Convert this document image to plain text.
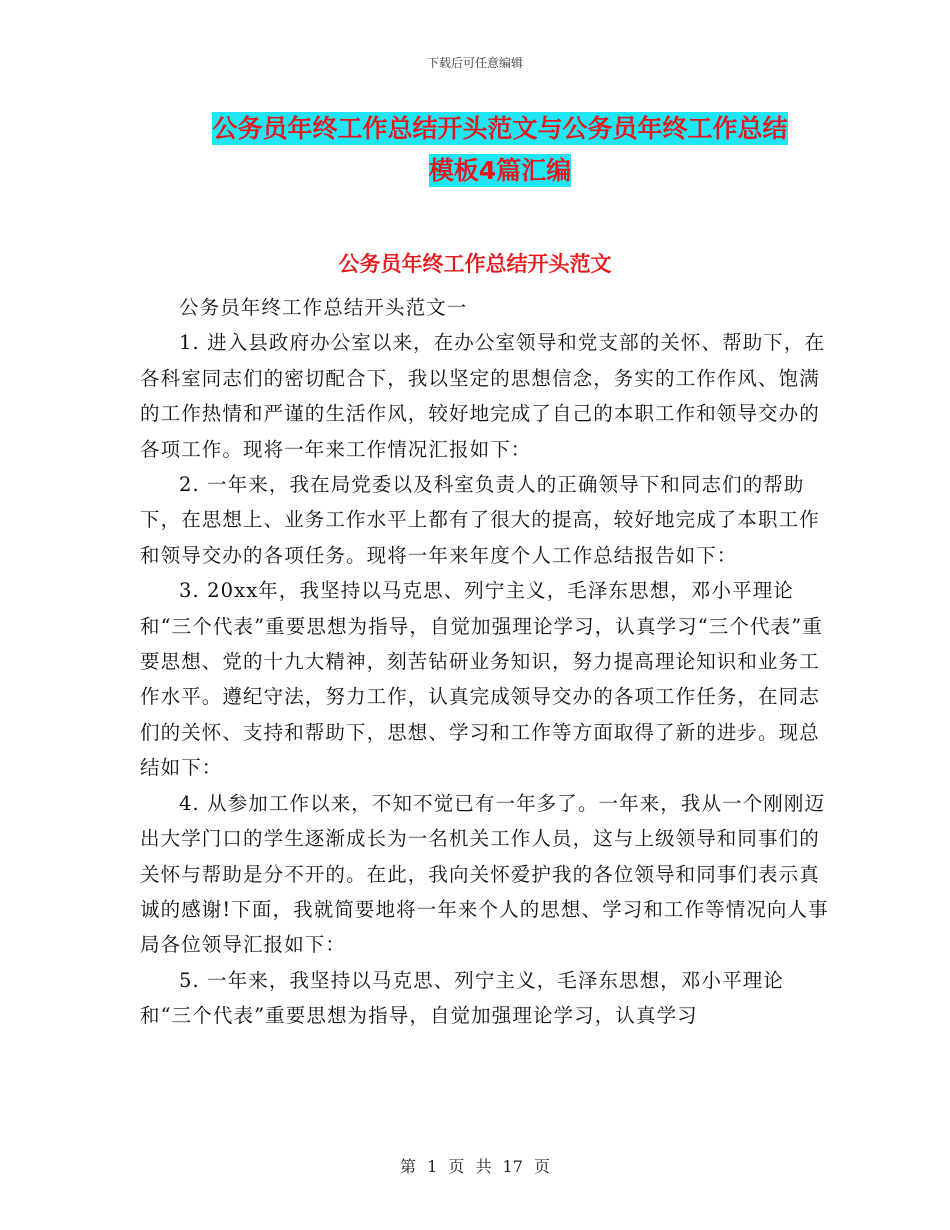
下载后可任意编辑
公务员年终工作总结开头范文与公务员年终工作总结
模板4篇汇编
公务员年终工作总结开头范文

公务员年终工作总结开头范文一

1. 进入县政府办公室以来，在办公室领导和党支部的关怀、帮助下，在各科室同志们的密切配合下，我以坚定的思想信念，务实的工作作风、饱满的工作热情和严谨的生活作风，较好地完成了自己的本职工作和领导交办的各项工作。现将一年来工作情况汇报如下：

2. 一年来，我在局党委以及科室负责人的正确领导下和同志们的帮助下，在思想上、业务工作水平上都有了很大的提高，较好地完成了本职工作和领导交办的各项任务。现将一年来年度个人工作总结报告如下：

3. 20xx年，我坚持以马克思、列宁主义，毛泽东思想，邓小平理论和“三个代表”重要思想为指导，自觉加强理论学习，认真学习“三个代表”重要思想、党的十九大精神，刻苦钻研业务知识，努力提高理论知识和业务工作水平。遵纪守法，努力工作，认真完成领导交办的各项工作任务，在同志们的关怀、支持和帮助下，思想、学习和工作等方面取得了新的进步。现总结如下：

4. 从参加工作以来，不知不觉已有一年多了。一年来，我从一个刚刚迈出大学门口的学生逐渐成长为一名机关工作人员，这与上级领导和同事们的关怀与帮助是分不开的。在此，我向关怀爱护我的各位领导和同事们表示真诚的感谢!下面，我就简要地将一年来个人的思想、学习和工作等情况向人事局各位领导汇报如下：

5. 一年来，我坚持以马克思、列宁主义，毛泽东思想，邓小平理论和“三个代表”重要思想为指导，自觉加强理论学习，认真学习

第 1 页 共 17 页
